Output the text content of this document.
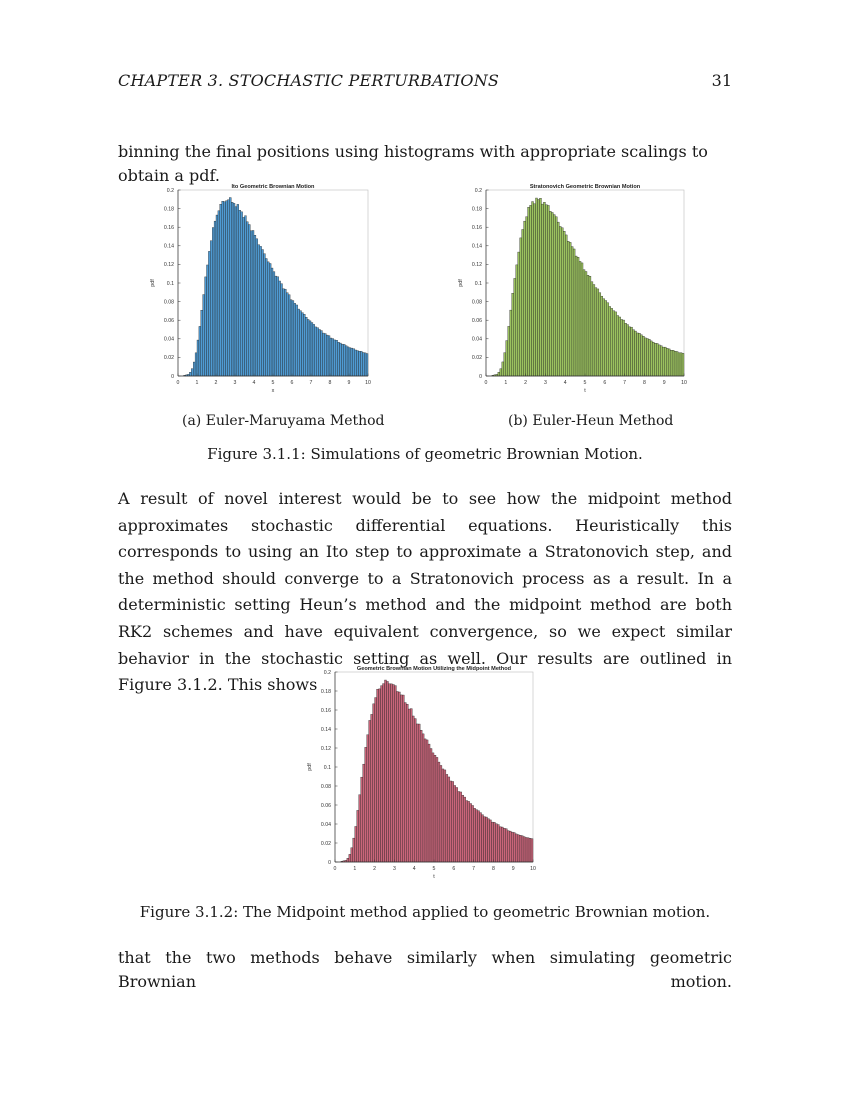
CHAPTER 3. STOCHASTIC PERTURBATIONS	31
binning the final positions using histograms with appropriate scalings to obtain a pdf.
Ito Geometric Brownian Motion
0
0.02
0.04
0.06
0.08
0.1
0.12
0.14
0.16
0.18
0.2
0	1	2	3	4	5	6	7	8	9	10
x
pdf
Stratonovich Geometric Brownian Motion
0
0.02
0.04
0.06
0.08
0.1
0.12
0.14
0.16
0.18
0.2
0	1	2	3	4	5	6	7	8	9	10
t
pdf
(a) Euler-Maruyama Method	(b) Euler-Heun Method
Figure 3.1.1: Simulations of geometric Brownian Motion.
A result of novel interest would be to see how the midpoint method approximates stochastic differential equations. Heuristically this corresponds to using an Ito step to approximate a Stratonovich step, and the method should converge to a Stratonovich process as a result. In a deterministic setting Heun’s method and the midpoint method are both RK2 schemes and have equivalent convergence, so we expect similar behavior in the stochastic setting as well. Our results are outlined in Figure 3.1.2. This shows
Geometric Brownian Motion Utilizing the Midpoint Method
0
0.02
0.04
0.06
0.08
0.1
0.12
0.14
0.16
0.18
0.2
0	1	2	3	4	5	6	7	8	9	10
t
pdf
Figure 3.1.2: The Midpoint method applied to geometric Brownian motion.
that the two methods behave similarly when simulating geometric Brownian motion.
